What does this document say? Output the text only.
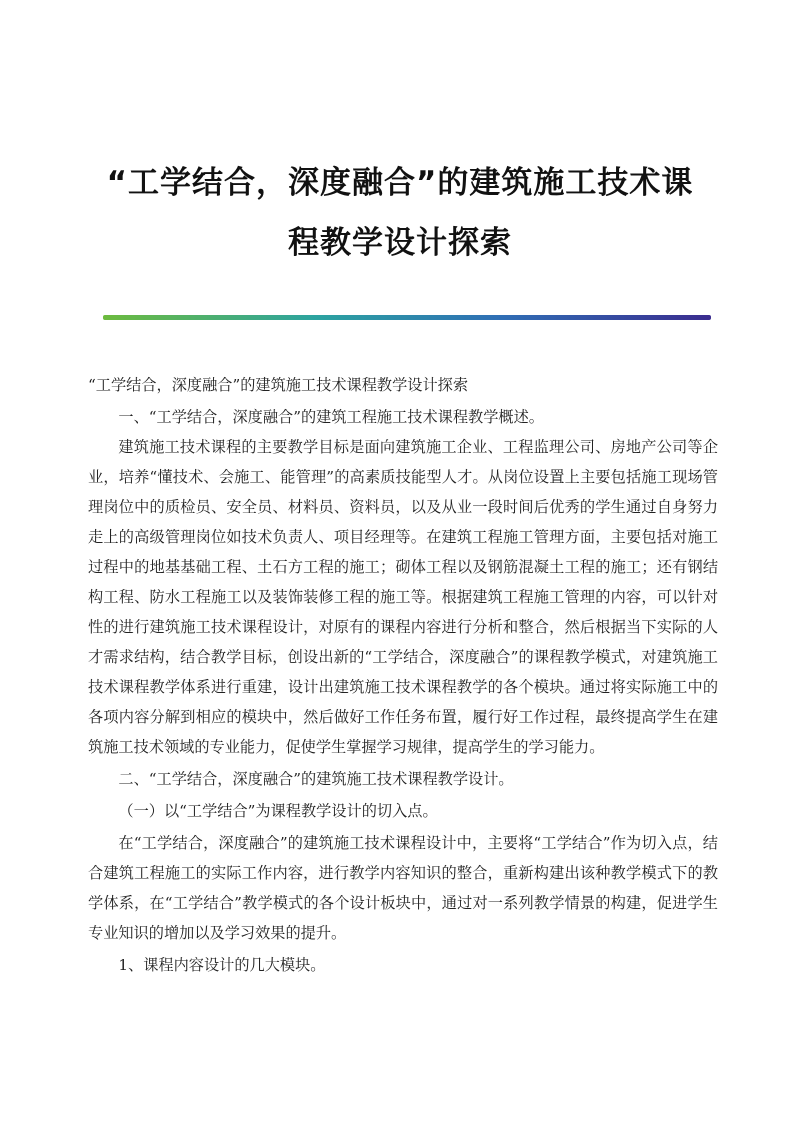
“工学结合，深度融合”的建筑施工技术课
程教学设计探索

“工学结合，深度融合”的建筑施工技术课程教学设计探索

一、“工学结合，深度融合”的建筑工程施工技术课程教学概述。

建筑施工技术课程的主要教学目标是面向建筑施工企业、工程监理公司、房地产公司等企业，培养“懂技术、会施工、能管理”的高素质技能型人才。从岗位设置上主要包括施工现场管理岗位中的质检员、安全员、材料员、资料员，以及从业一段时间后优秀的学生通过自身努力走上的高级管理岗位如技术负责人、项目经理等。在建筑工程施工管理方面，主要包括对施工过程中的地基基础工程、土石方工程的施工；砌体工程以及钢筋混凝土工程的施工；还有钢结构工程、防水工程施工以及装饰装修工程的施工等。根据建筑工程施工管理的内容，可以针对性的进行建筑施工技术课程设计，对原有的课程内容进行分析和整合，然后根据当下实际的人才需求结构，结合教学目标，创设出新的“工学结合，深度融合”的课程教学模式，对建筑施工技术课程教学体系进行重建，设计出建筑施工技术课程教学的各个模块。通过将实际施工中的各项内容分解到相应的模块中，然后做好工作任务布置，履行好工作过程，最终提高学生在建筑施工技术领域的专业能力，促使学生掌握学习规律，提高学生的学习能力。

二、“工学结合，深度融合”的建筑施工技术课程教学设计。

（一）以“工学结合”为课程教学设计的切入点。

在“工学结合，深度融合”的建筑施工技术课程设计中，主要将“工学结合”作为切入点，结合建筑工程施工的实际工作内容，进行教学内容知识的整合，重新构建出该种教学模式下的教学体系，在“工学结合”教学模式的各个设计板块中，通过对一系列教学情景的构建，促进学生专业知识的增加以及学习效果的提升。

1、课程内容设计的几大模块。
